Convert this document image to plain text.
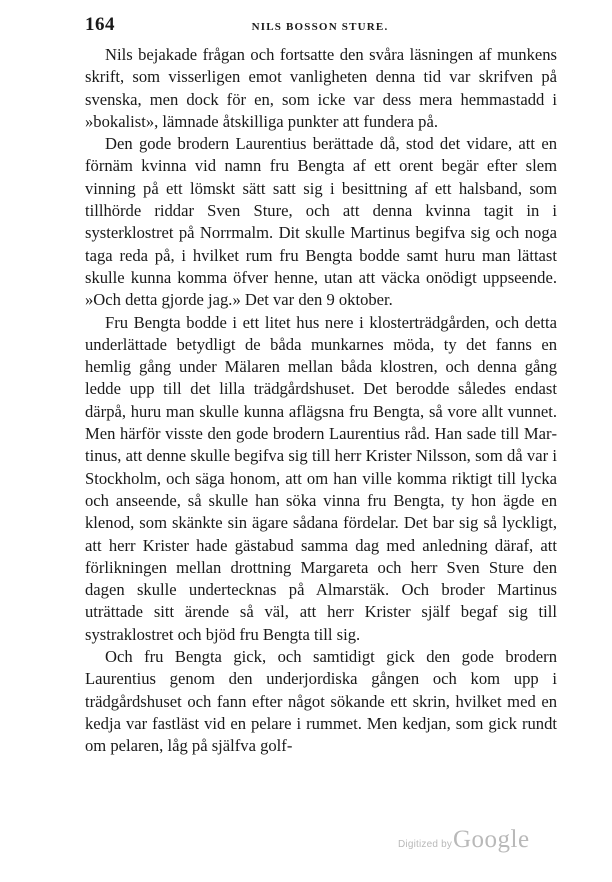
164	NILS BOSSON STURE.

Nils bejakade frågan och fortsatte den svåra läsningen af munkens skrift, som visserligen emot vanligheten denna tid var skrifven på svenska, men dock för en, som icke var dess mera hemmastadd i »bokalist», lämnade åtskilliga punkter att fundera på.

Den gode brodern Laurentius berättade då, stod det vidare, att en förnäm kvinna vid namn fru Bengta af ett orent begär efter slem vinning på ett lömskt sätt satt sig i besittning af ett halsband, som tillhörde riddar Sven Sture, och att denna kvinna tagit in i systerklostret på Norrmalm. Dit skulle Martinus begifva sig och noga taga reda på, i hvilket rum fru Bengta bodde samt huru man lättast skulle kunna komma öfver henne, utan att väcka onödigt uppseende. »Och detta gjorde jag.» Det var den 9 oktober.

Fru Bengta bodde i ett litet hus nere i klosterträdgården, och detta underlättade betydligt de båda munkarnes möda, ty det fanns en hemlig gång under Mälaren mellan båda klostren, och denna gång ledde upp till det lilla trädgårdshuset. Det berodde således endast därpå, huru man skulle kunna aflägsna fru Bengta, så vore allt vunnet. Men härför visste den gode brodern Laurentius råd. Han sade till Martinus, att denne skulle begifva sig till herr Krister Nilsson, som då var i Stockholm, och säga honom, att om han ville komma riktigt till lycka och anseende, så skulle han söka vinna fru Bengta, ty hon ägde en klenod, som skänkte sin ägare sådana fördelar. Det bar sig så lyckligt, att herr Krister hade gästabud samma dag med anledning däraf, att förlikningen mellan drottning Margareta och herr Sven Sture den dagen skulle undertecknas på Almarstäk. Och broder Martinus uträttade sitt ärende så väl, att herr Krister själf begaf sig till systraklostret och bjöd fru Bengta till sig.

Och fru Bengta gick, och samtidigt gick den gode brodern Laurentius genom den underjordiska gången och kom upp i trädgårdshuset och fann efter något sökande ett skrin, hvilket med en kedja var fastläst vid en pelare i rummet. Men kedjan, som gick rundt om pelaren, låg på själfva golf-

Digitized by Google
